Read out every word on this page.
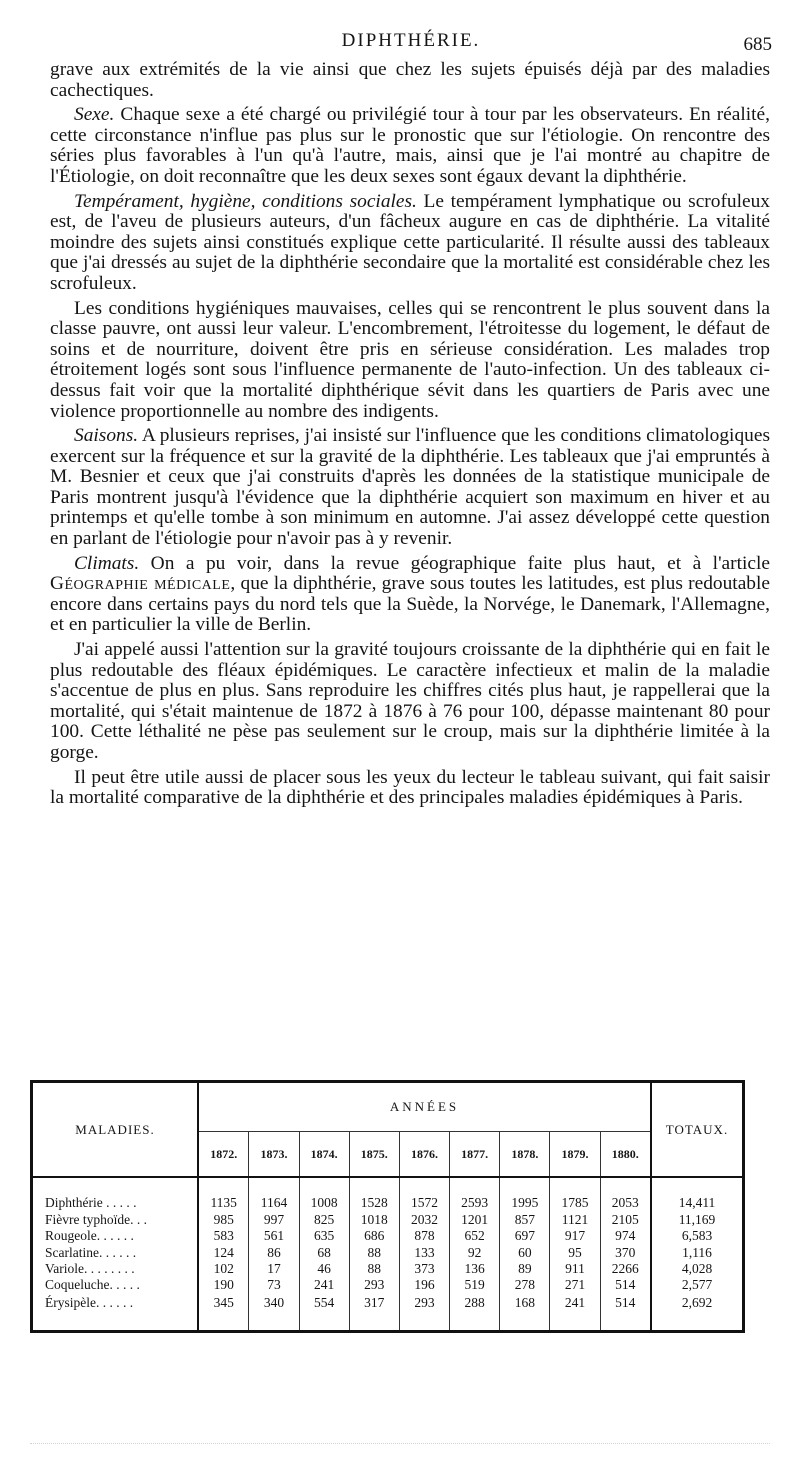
DIPHTHÉRIE.	685

grave aux extrémités de la vie ainsi que chez les sujets épuisés déjà par des maladies cachectiques.

Sexe. Chaque sexe a été chargé ou privilégié tour à tour par les observateurs. En réalité, cette circonstance n'influe pas plus sur le pronostic que sur l'étiologie. On rencontre des séries plus favorables à l'un qu'à l'autre, mais, ainsi que je l'ai montré au chapitre de l'Étiologie, on doit reconnaître que les deux sexes sont égaux devant la diphthérie.

Tempérament, hygiène, conditions sociales. Le tempérament lymphatique ou scrofuleux est, de l'aveu de plusieurs auteurs, d'un fâcheux augure en cas de diphthérie. La vitalité moindre des sujets ainsi constitués explique cette particularité. Il résulte aussi des tableaux que j'ai dressés au sujet de la diphthérie secondaire que la mortalité est considérable chez les scrofuleux.

Les conditions hygiéniques mauvaises, celles qui se rencontrent le plus souvent dans la classe pauvre, ont aussi leur valeur. L'encombrement, l'étroitesse du logement, le défaut de soins et de nourriture, doivent être pris en sérieuse considération. Les malades trop étroitement logés sont sous l'influence permanente de l'auto-infection. Un des tableaux ci-dessus fait voir que la mortalité diphthérique sévit dans les quartiers de Paris avec une violence proportionnelle au nombre des indigents.

Saisons. A plusieurs reprises, j'ai insisté sur l'influence que les conditions climatologiques exercent sur la fréquence et sur la gravité de la diphthérie. Les tableaux que j'ai empruntés à M. Besnier et ceux que j'ai construits d'après les données de la statistique municipale de Paris montrent jusqu'à l'évidence que la diphthérie acquiert son maximum en hiver et au printemps et qu'elle tombe à son minimum en automne. J'ai assez développé cette question en parlant de l'étiologie pour n'avoir pas à y revenir.

Climats. On a pu voir, dans la revue géographique faite plus haut, et à l'article Géographie médicale, que la diphthérie, grave sous toutes les latitudes, est plus redoutable encore dans certains pays du nord tels que la Suède, la Norvége, le Danemark, l'Allemagne, et en particulier la ville de Berlin.

J'ai appelé aussi l'attention sur la gravité toujours croissante de la diphthérie qui en fait le plus redoutable des fléaux épidémiques. Le caractère infectieux et malin de la maladie s'accentue de plus en plus. Sans reproduire les chiffres cités plus haut, je rappellerai que la mortalité, qui s'était maintenue de 1872 à 1876 à 76 pour 100, dépasse maintenant 80 pour 100. Cette léthalité ne pèse pas seulement sur le croup, mais sur la diphthérie limitée à la gorge.

Il peut être utile aussi de placer sous les yeux du lecteur le tableau suivant, qui fait saisir la mortalité comparative de la diphthérie et des principales maladies épidémiques à Paris.

MALADIES.	ANNÉES									TOTAUX.
	1872.	1873.	1874.	1875.	1876.	1877.	1878.	1879.	1880.	
Diphthérie . . . . .	1135	1164	1008	1528	1572	2593	1995	1785	2053	14,411
Fièvre typhoïde. . .	985	997	825	1018	2032	1201	857	1121	2105	11,169
Rougeole. . . . . .	583	561	635	686	878	652	697	917	974	6,583
Scarlatine. . . . . .	124	86	68	88	133	92	60	95	370	1,116
Variole. . . . . . . .	102	17	46	88	373	136	89	911	2266	4,028
Coqueluche. . . . .	190	73	241	293	196	519	278	271	514	2,577
Érysipèle. . . . . .	345	340	554	317	293	288	168	241	514	2,692
